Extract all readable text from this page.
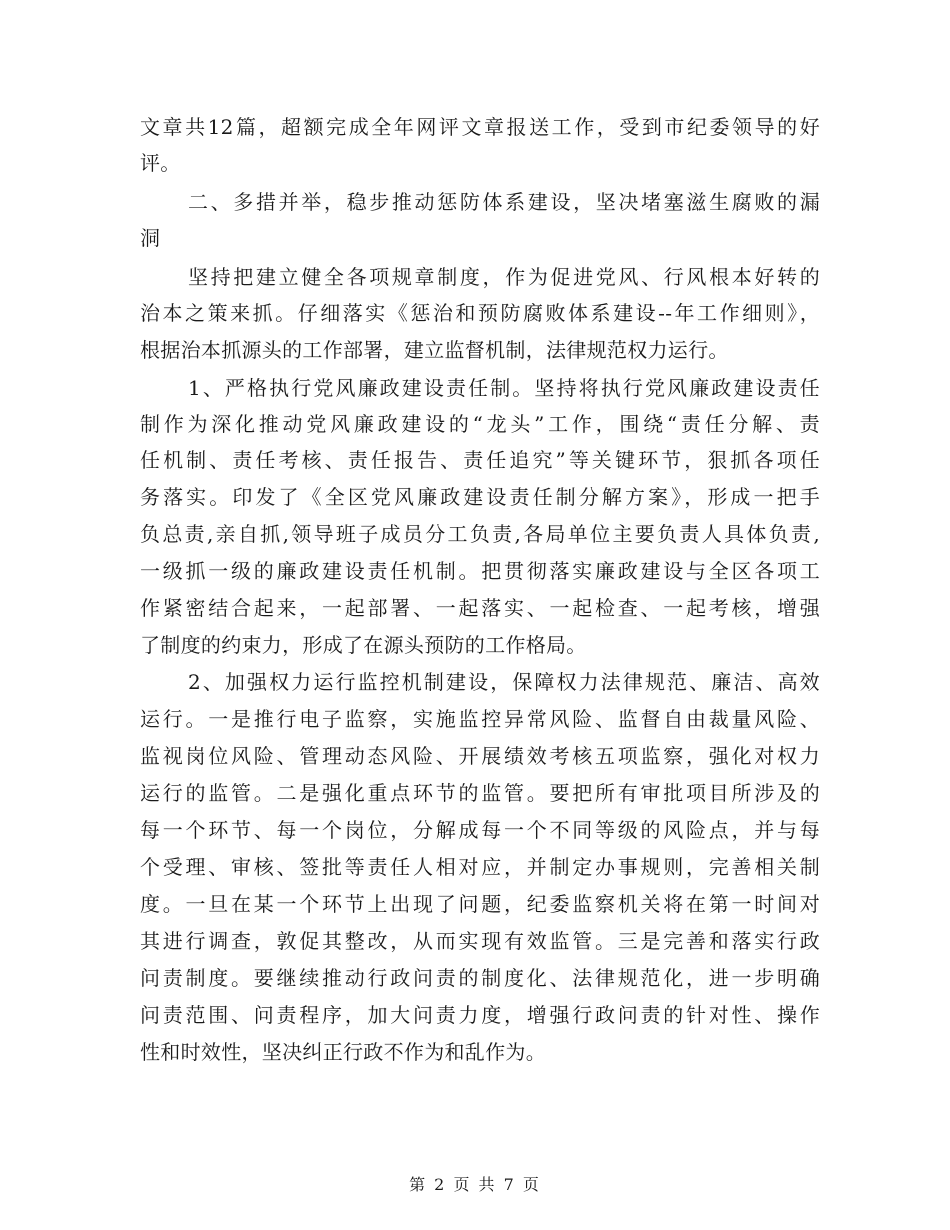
文章共12篇，超额完成全年网评文章报送工作，受到市纪委领导的好
评。
二、多措并举，稳步推动惩防体系建设，坚决堵塞滋生腐败的漏
洞
坚持把建立健全各项规章制度，作为促进党风、行风根本好转的
治本之策来抓。仔细落实《惩治和预防腐败体系建设--年工作细则》，
根据治本抓源头的工作部署，建立监督机制，法律规范权力运行。
1、严格执行党风廉政建设责任制。坚持将执行党风廉政建设责任
制作为深化推动党风廉政建设的“龙头”工作，围绕“责任分解、责
任机制、责任考核、责任报告、责任追究”等关键环节，狠抓各项任
务落实。印发了《全区党风廉政建设责任制分解方案》，形成一把手
负总责,亲自抓,领导班子成员分工负责,各局单位主要负责人具体负责,
一级抓一级的廉政建设责任机制。把贯彻落实廉政建设与全区各项工
作紧密结合起来，一起部署、一起落实、一起检查、一起考核，增强
了制度的约束力，形成了在源头预防的工作格局。
2、加强权力运行监控机制建设，保障权力法律规范、廉洁、高效
运行。一是推行电子监察，实施监控异常风险、监督自由裁量风险、
监视岗位风险、管理动态风险、开展绩效考核五项监察，强化对权力
运行的监管。二是强化重点环节的监管。要把所有审批项目所涉及的
每一个环节、每一个岗位，分解成每一个不同等级的风险点，并与每
个受理、审核、签批等责任人相对应，并制定办事规则，完善相关制
度。一旦在某一个环节上出现了问题，纪委监察机关将在第一时间对
其进行调查，敦促其整改，从而实现有效监管。三是完善和落实行政
问责制度。要继续推动行政问责的制度化、法律规范化，进一步明确
问责范围、问责程序，加大问责力度，增强行政问责的针对性、操作
性和时效性，坚决纠正行政不作为和乱作为。
第 2 页 共 7 页
